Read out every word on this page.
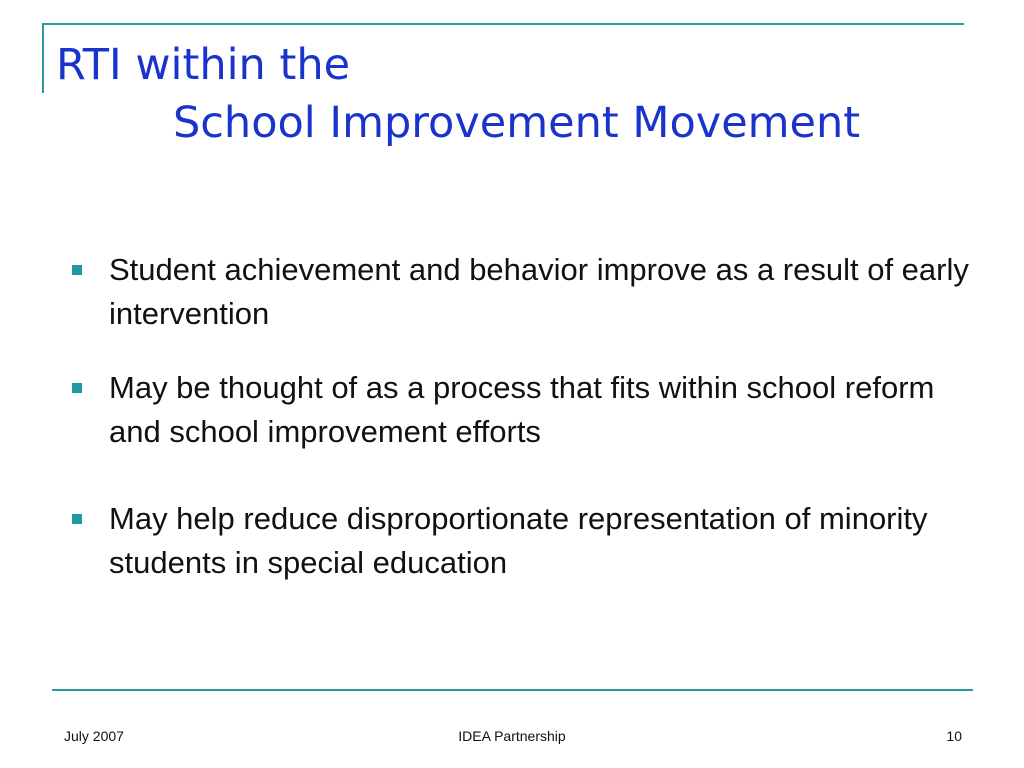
RTI within the
School Improvement Movement
Student achievement and behavior improve as a result of early intervention
May be thought of as a process that fits within school reform and school improvement efforts
May help reduce disproportionate representation of minority students in special education
July 2007	IDEA Partnership	10
